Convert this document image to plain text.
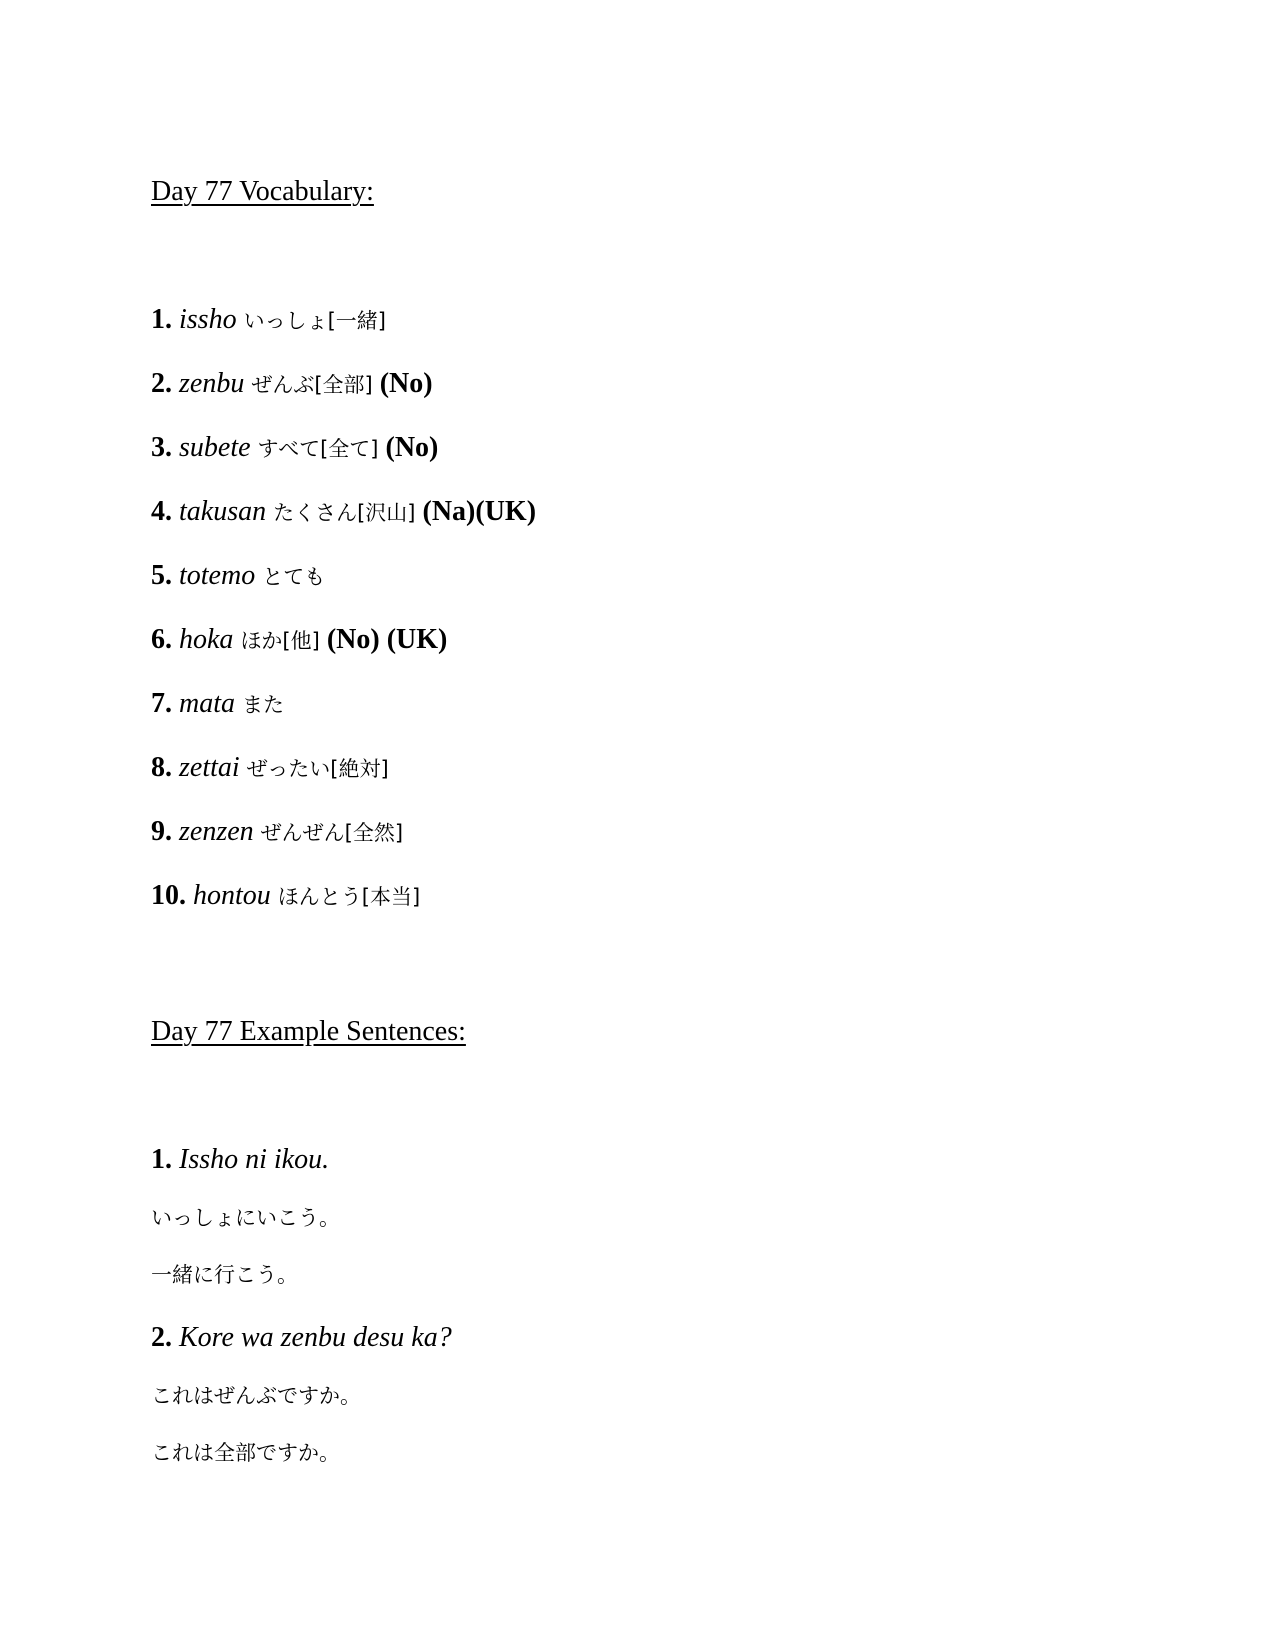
Day 77 Vocabulary:
1. issho いっしょ[一緒]
2. zenbu ぜんぶ[全部] (No)
3. subete すべて[全て] (No)
4. takusan たくさん[沢山] (Na)(UK)
5. totemo とても
6. hoka ほか[他] (No) (UK)
7. mata また
8. zettai ぜったい[絶対]
9. zenzen ぜんぜん[全然]
10. hontou ほんとう[本当]
Day 77 Example Sentences:
1. Issho ni ikou.
いっしょにいこう。
一緒に行こう。
2. Kore wa zenbu desu ka?
これはぜんぶですか。
これは全部ですか。
